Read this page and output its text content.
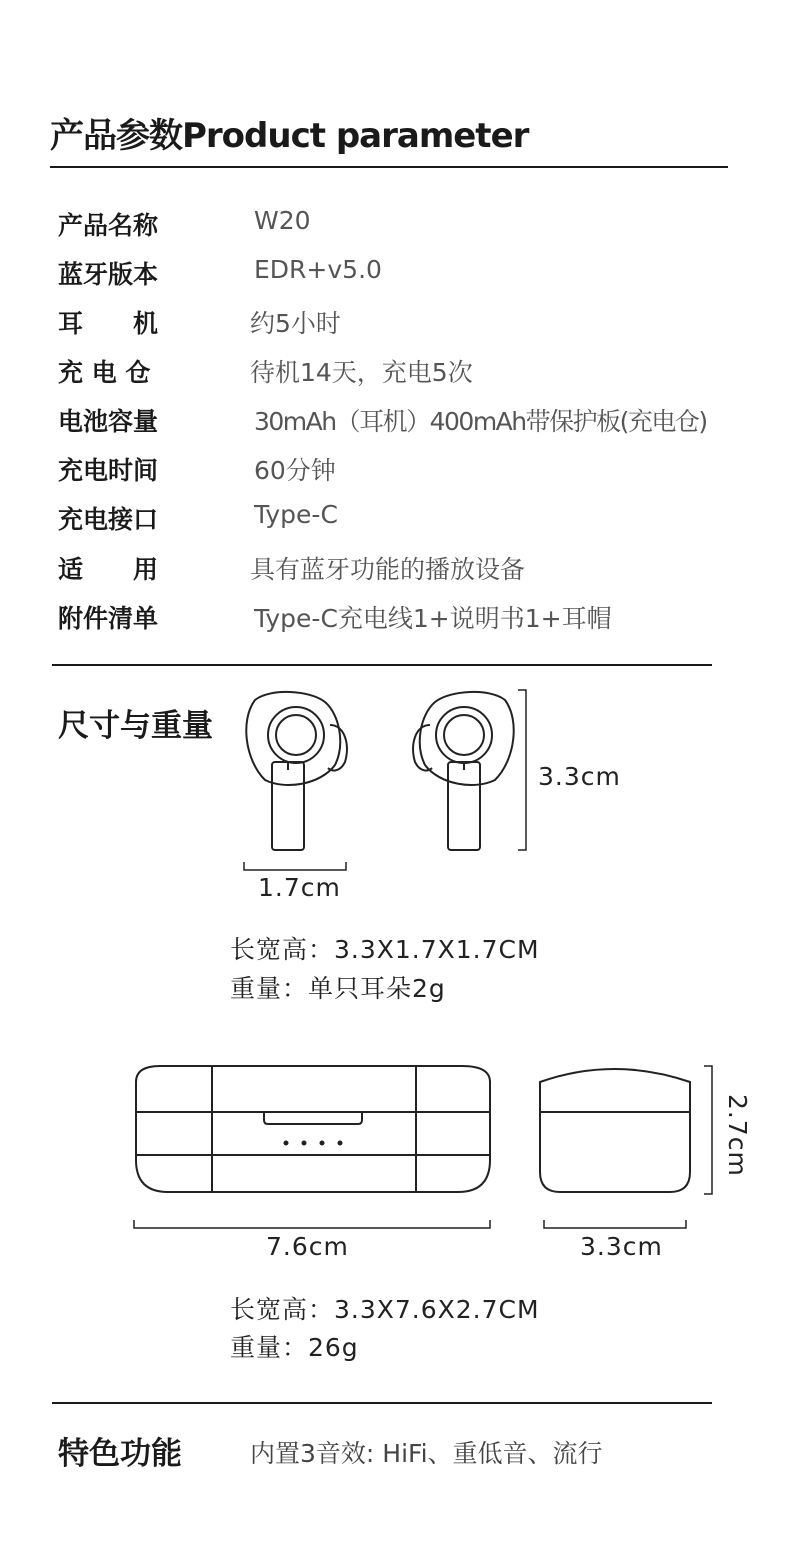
产品参数Product parameter
产品名称	W20
蓝牙版本	EDR+v5.0
耳　　机	约5小时
充 电 仓	待机14天，充电5次
电池容量	30mAh（耳机）400mAh带保护板(充电仓)
充电时间	60分钟
充电接口	Type-C
适　　用	具有蓝牙功能的播放设备
附件清单	Type-C充电线1+说明书1+耳帽
尺寸与重量
3.3cm
1.7cm
长宽高：3.3X1.7X1.7CM
重量：单只耳朵2g
2.7cm
7.6cm	3.3cm
长宽高：3.3X7.6X2.7CM
重量：26g
特色功能	内置3音效: HiFi、重低音、流行
